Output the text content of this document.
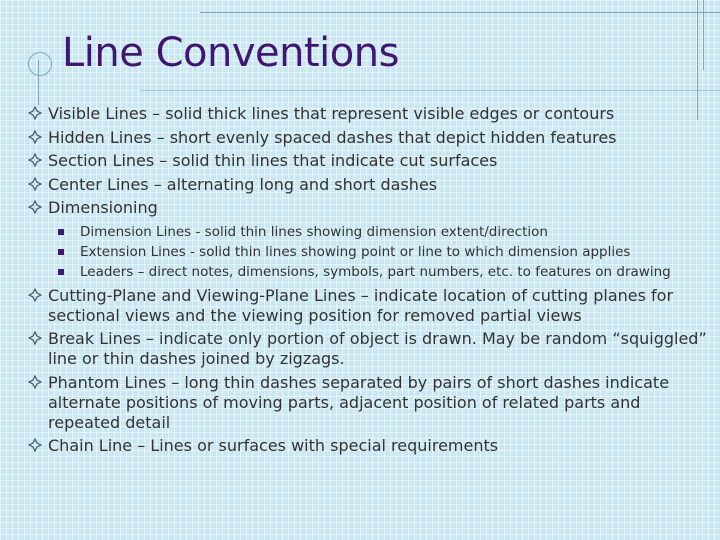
Line Conventions
Visible Lines – solid thick lines that represent visible edges or contours
Hidden Lines – short evenly spaced dashes that depict hidden features
Section Lines – solid thin lines that indicate cut surfaces
Center Lines – alternating long and short dashes
Dimensioning
Dimension Lines - solid thin lines showing dimension extent/direction
Extension Lines - solid thin lines showing point or line to which dimension applies
Leaders – direct notes, dimensions, symbols, part numbers, etc. to features on drawing
Cutting-Plane and Viewing-Plane Lines – indicate location of cutting planes for sectional views and the viewing position for removed partial views
Break Lines – indicate only portion of object is drawn. May be random “squiggled” line or thin dashes joined by zigzags.
Phantom Lines – long thin dashes separated by pairs of short dashes indicate alternate positions of moving parts, adjacent position of related parts and repeated detail
Chain Line – Lines or surfaces with special requirements
